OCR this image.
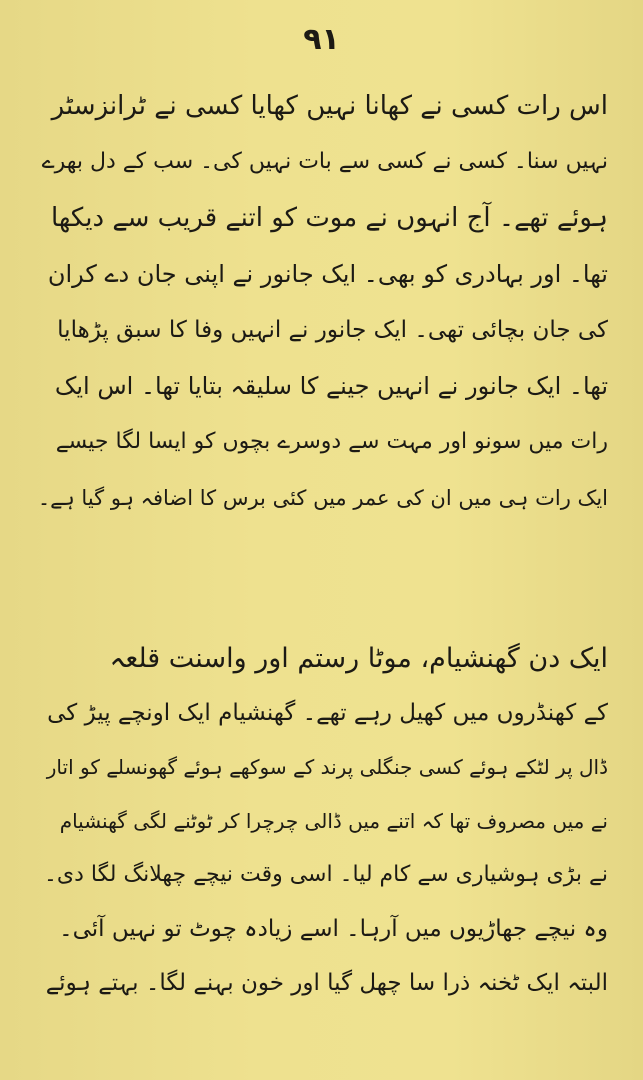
۹۱
اس رات کسی نے کھانا نہیں کھایا کسی نے ٹرانزسٹر
نہیں سنا۔ کسی نے کسی سے بات نہیں کی۔ سب کے دل بھرے
ہوئے تھے۔ آج انہوں نے موت کو اتنے قریب سے دیکھا
تھا۔ اور بہادری کو بھی۔ ایک جانور نے اپنی جان دے کران
کی جان بچائی تھی۔ ایک جانور نے انہیں وفا کا سبق پڑھایا
تھا۔ ایک جانور نے انہیں جینے کا سلیقہ بتایا تھا۔ اس ایک
رات میں سونو اور مہت سے دوسرے بچوں کو ایسا لگا جیسے
ایک رات ہی میں ان کی عمر میں کئی برس کا اضافہ ہو گیا ہے۔
ایک دن گھنشیام، موٹا رستم اور واسنت قلعہ
کے کھنڈروں میں کھیل رہے تھے۔ گھنشیام ایک اونچے پیڑ کی
ڈال پر لٹکے ہوئے کسی جنگلی پرند کے سوکھے ہوئے گھونسلے کو اتار
نے میں مصروف تھا کہ اتنے میں ڈالی چرچرا کر ٹوٹنے لگی گھنشیام
نے بڑی ہوشیاری سے کام لیا۔ اسی وقت نیچے چھلانگ لگا دی۔
وہ نیچے جھاڑیوں میں آرہا۔ اسے زیادہ چوٹ تو نہیں آئی۔
البتہ ایک ٹخنہ ذرا سا چھل گیا اور خون بہنے لگا۔ بہتے ہوئے
